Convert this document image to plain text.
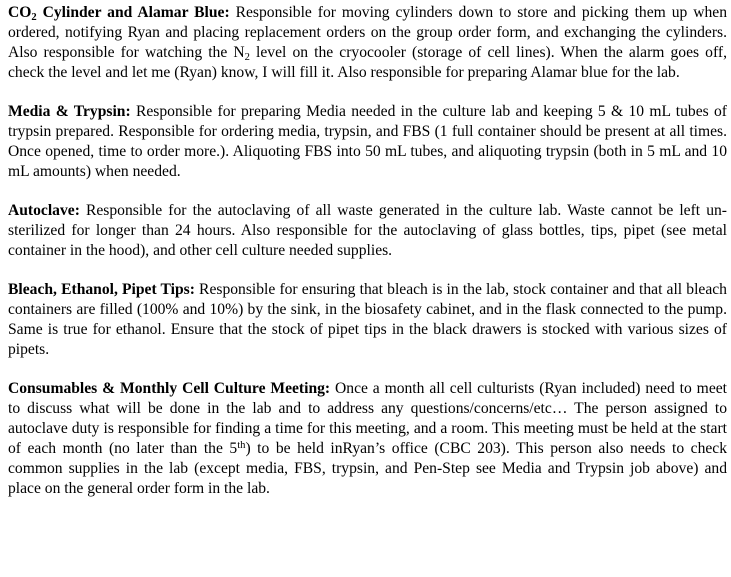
$CO_2$ Cylinder and Alamar Blue: Responsible for moving cylinders down to store and picking them up when ordered, notifying Ryan and placing replacement orders on the group order form, and exchanging the cylinders. Also responsible for watching the $N_2$ level on the cryocooler (storage of cell lines). When the alarm goes off, check the level and let me (Ryan) know, I will fill it. Also responsible for preparing Alamar blue for the lab.

Media & Trypsin: Responsible for preparing Media needed in the culture lab and keeping 5 & 10 mL tubes of trypsin prepared. Responsible for ordering media, trypsin, and FBS (1 full container should be present at all times. Once opened, time to order more.). Aliquoting FBS into 50 mL tubes, and aliquoting trypsin (both in 5 mL and 10 mL amounts) when needed.

Autoclave: Responsible for the autoclaving of all waste generated in the culture lab. Waste cannot be left un-sterilized for longer than 24 hours. Also responsible for the autoclaving of glass bottles, tips, pipet (see metal container in the hood), and other cell culture needed supplies.

Bleach, Ethanol, Pipet Tips: Responsible for ensuring that bleach is in the lab, stock container and that all bleach containers are filled (100% and 10%) by the sink, in the biosafety cabinet, and in the flask connected to the pump. Same is true for ethanol. Ensure that the stock of pipet tips in the black drawers is stocked with various sizes of pipets.

Consumables & Monthly Cell Culture Meeting: Once a month all cell culturists (Ryan included) need to meet to discuss what will be done in the lab and to address any questions/concerns/etc… The person assigned to autoclave duty is responsible for finding a time for this meeting, and a room. This meeting must be held at the start of each month (no later than the 5th) to be held inRyan’s office (CBC 203). This person also needs to check common supplies in the lab (except media, FBS, trypsin, and Pen-Step see Media and Trypsin job above) and place on the general order form in the lab.
